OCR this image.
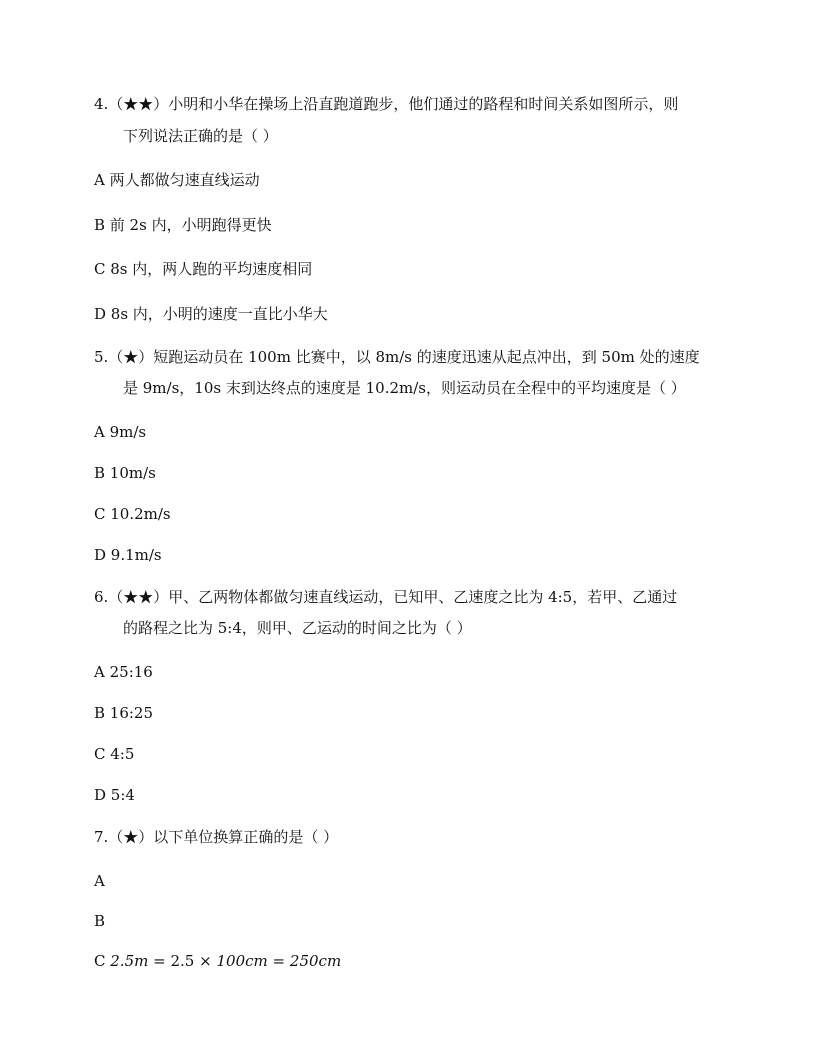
4.（★★）小明和小华在操场上沿直跑道跑步，他们通过的路程和时间关系如图所示，则
下列说法正确的是（ ）
A 两人都做匀速直线运动
B 前 2s 内，小明跑得更快
C 8s 内，两人跑的平均速度相同
D 8s 内，小明的速度一直比小华大
5.（★）短跑运动员在 100m 比赛中，以 8m/s 的速度迅速从起点冲出，到 50m 处的速度
是 9m/s，10s 末到达终点的速度是 10.2m/s，则运动员在全程中的平均速度是（ ）
A 9m/s
B 10m/s
C 10.2m/s
D 9.1m/s
6.（★★）甲、乙两物体都做匀速直线运动，已知甲、乙速度之比为 4:5，若甲、乙通过
的路程之比为 5:4，则甲、乙运动的时间之比为（ ）
A 25:16
B 16:25
C 4:5
D 5:4
7.（★）以下单位换算正确的是（ ）
A
B
C 2.5m = 2.5 × 100cm = 250cm
